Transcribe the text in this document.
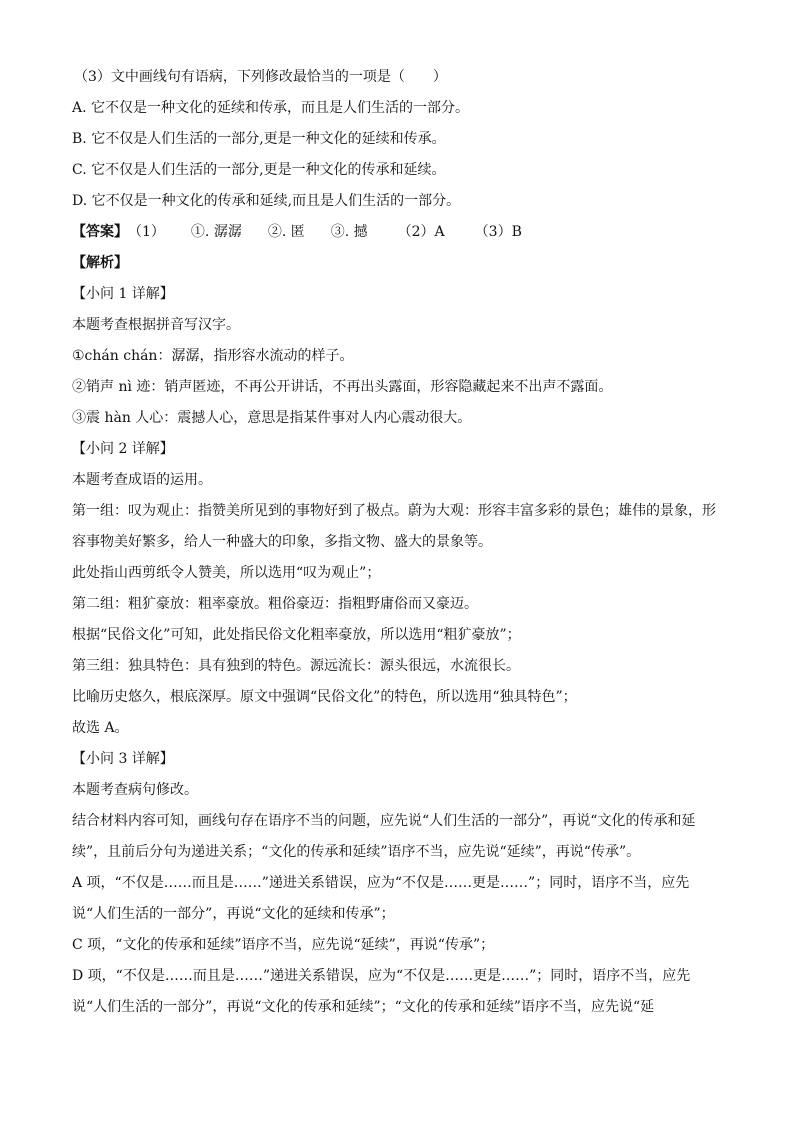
（3）文中画线句有语病，下列修改最恰当的一项是（　　）
A. 它不仅是一种文化的延续和传承，而且是人们生活的一部分。
B. 它不仅是人们生活的一部分,更是一种文化的延续和传承。
C. 它不仅是人们生活的一部分,更是一种文化的传承和延续。
D. 它不仅是一种文化的传承和延续,而且是人们生活的一部分。
【答案】（1） ①. 潺潺 ②. 匿 ③. 撼 （2）A （3）B
【解析】
【小问 1 详解】
本题考查根据拼音写汉字。
①chán chán：潺潺，指形容水流动的样子。
②销声 nì 迹：销声匿迹，不再公开讲话，不再出头露面，形容隐藏起来不出声不露面。
③震 hàn 人心：震撼人心，意思是指某件事对人内心震动很大。
【小问 2 详解】
本题考查成语的运用。
第一组：叹为观止：指赞美所见到的事物好到了极点。蔚为大观：形容丰富多彩的景色；雄伟的景象，形
容事物美好繁多，给人一种盛大的印象，多指文物、盛大的景象等。
此处指山西剪纸令人赞美，所以选用“叹为观止”；
第二组：粗犷豪放：粗率豪放。粗俗豪迈：指粗野庸俗而又豪迈。
根据“民俗文化”可知，此处指民俗文化粗率豪放，所以选用“粗犷豪放”；
第三组：独具特色：具有独到的特色。源远流长：源头很远，水流很长。
比喻历史悠久，根底深厚。原文中强调“民俗文化”的特色，所以选用“独具特色”；
故选 A。
【小问 3 详解】
本题考查病句修改。
结合材料内容可知，画线句存在语序不当的问题，应先说“人们生活的一部分”，再说“文化的传承和延
续”，且前后分句为递进关系；“文化的传承和延续”语序不当，应先说“延续”，再说“传承”。
A 项，“不仅是……而且是……”递进关系错误，应为“不仅是……更是……”；同时，语序不当，应先
说“人们生活的一部分”，再说“文化的延续和传承”；
C 项，“文化的传承和延续”语序不当，应先说“延续”，再说“传承”；
D 项，“不仅是……而且是……”递进关系错误，应为“不仅是……更是……”；同时，语序不当，应先
说“人们生活的一部分”，再说“文化的传承和延续”；“文化的传承和延续”语序不当，应先说“延
